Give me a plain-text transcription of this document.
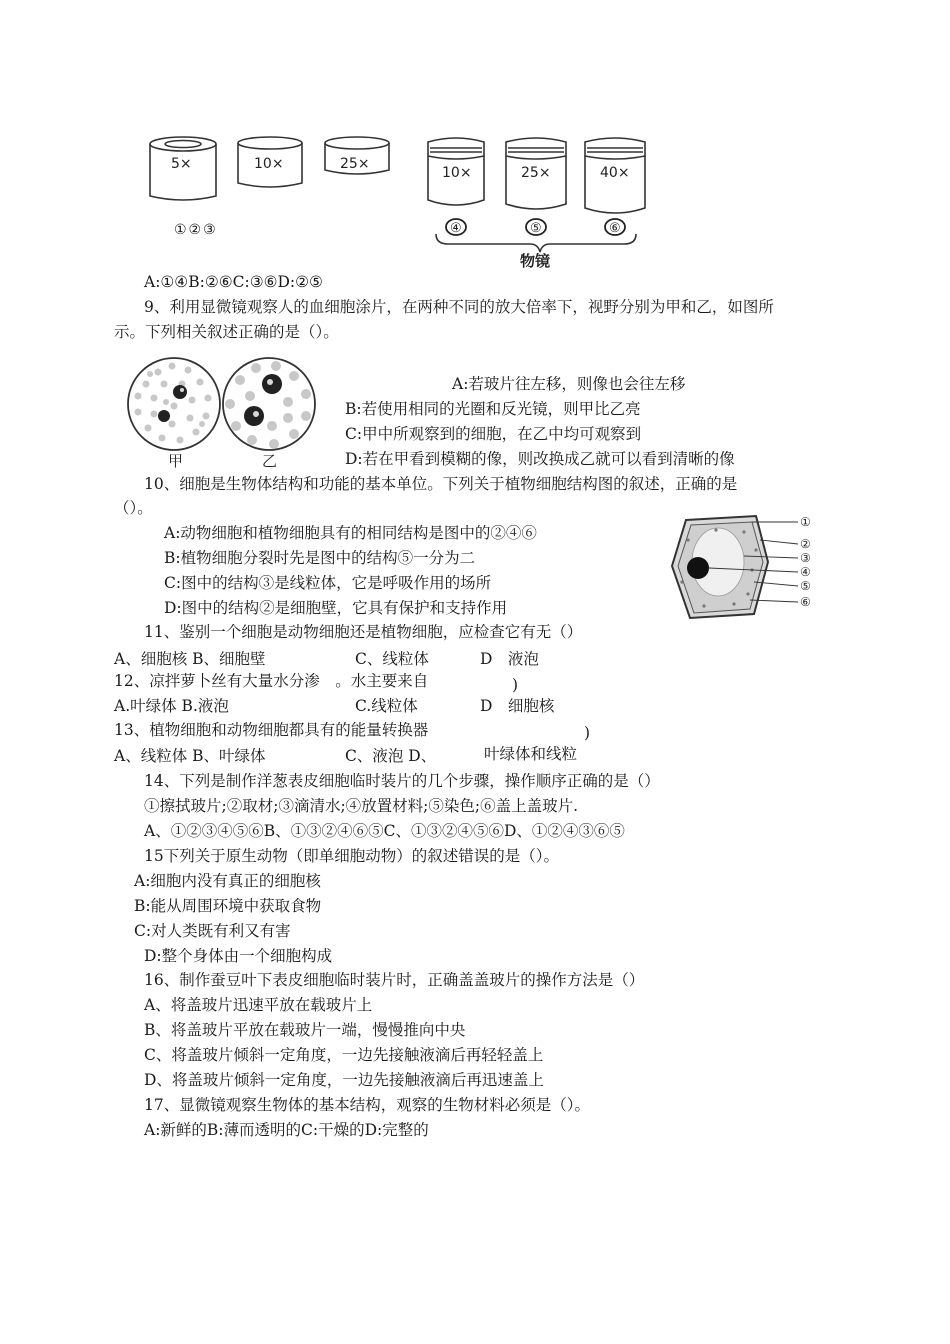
5×	10×	25×
①②③
10×	25×	40×
④	⑤	⑥
物镜
A:①④B:②⑥C:③⑥D:②⑤
9、利用显微镜观察人的血细胞涂片，在两种不同的放大倍率下，视野分别为甲和乙，如图所
示。下列相关叙述正确的是（）。
甲	乙
A:若玻片往左移，则像也会往左移
B:若使用相同的光圈和反光镜，则甲比乙亮
C:甲中所观察到的细胞，在乙中均可观察到
D:若在甲看到模糊的像，则改换成乙就可以看到清晰的像
10、细胞是生物体结构和功能的基本单位。下列关于植物细胞结构图的叙述，正确的是
（）。
A:动物细胞和植物细胞具有的相同结构是图中的②④⑥
B:植物细胞分裂时先是图中的结构⑤一分为二
C:图中的结构③是线粒体，它是呼吸作用的场所
D:图中的结构②是细胞壁，它具有保护和支持作用
①
②
③
④
⑤
⑥
11、鉴别一个细胞是动物细胞还是植物细胞，应检查它有无（）
A、细胞核 B、细胞壁	C、线粒体	D　液泡
12、凉拌萝卜丝有大量水分渗　。水主要来自	)
A.叶绿体 B.液泡	C.线粒体	D　细胞核
13、植物细胞和动物细胞都具有的能量转换器	)
A、线粒体 B、叶绿体	C、液泡 D、	叶绿体和线粒
14、下列是制作洋葱表皮细胞临时装片的几个步骤，操作顺序正确的是（）
①擦拭玻片;②取材;③滴清水;④放置材料;⑤染色;⑥盖上盖玻片.
A、①②③④⑤⑥B、①③②④⑥⑤C、①③②④⑤⑥D、①②④③⑥⑤
15下列关于原生动物（即单细胞动物）的叙述错误的是（）。
A:细胞内没有真正的细胞核
B:能从周围环境中获取食物
C:对人类既有利又有害
D:整个身体由一个细胞构成
16、制作蚕豆叶下表皮细胞临时装片时，正确盖盖玻片的操作方法是（）
A、将盖玻片迅速平放在载玻片上
B、将盖玻片平放在载玻片一端，慢慢推向中央
C、将盖玻片倾斜一定角度，一边先接触液滴后再轻轻盖上
D、将盖玻片倾斜一定角度，一边先接触液滴后再迅速盖上
17、显微镜观察生物体的基本结构，观察的生物材料必须是（）。
A:新鲜的B:薄而透明的C:干燥的D:完整的
